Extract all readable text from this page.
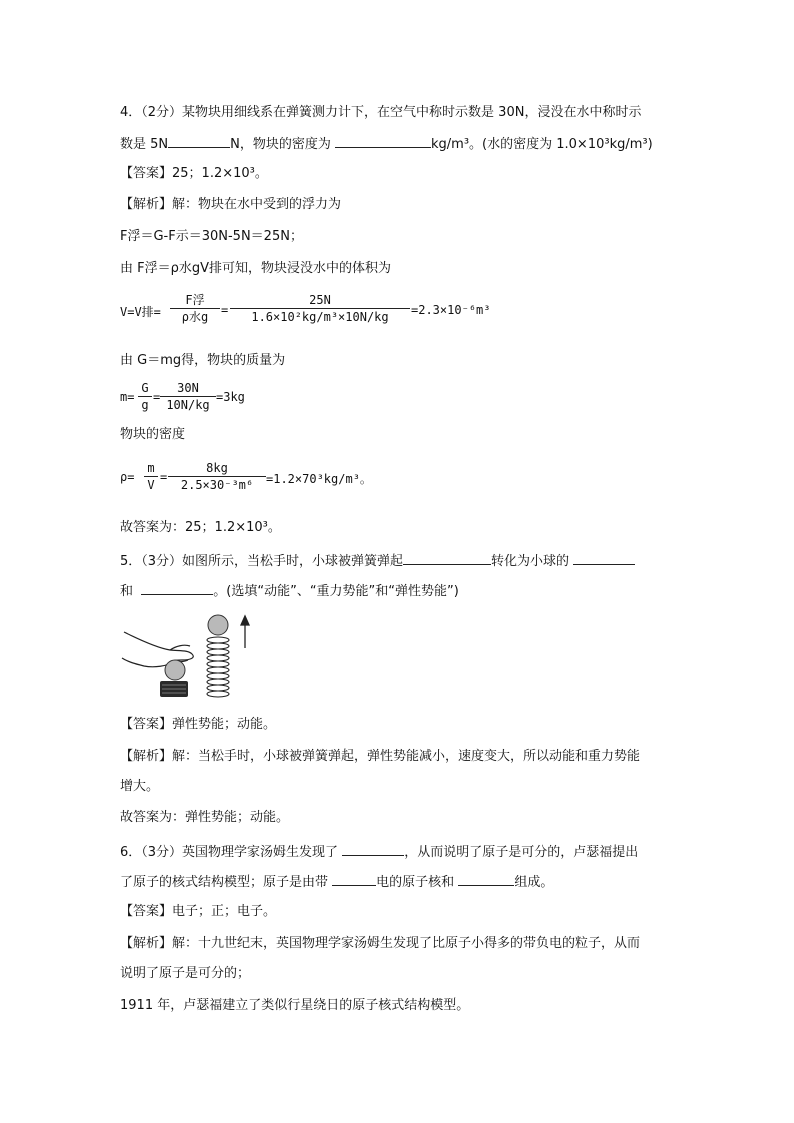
4．（2分）某物块用细线系在弹簧测力计下，在空气中称时示数是 30N，浸没在水中称时示
数是 5N	N，物块的密度为	kg/m³。(水的密度为 1.0×10³kg/m³)
【答案】25；1.2×10³。
【解析】解：物块在水中受到的浮力为
F浮＝G-F示＝30N-5N＝25N；
由 F浮＝ρ水gV排可知，物块浸没水中的体积为
V=V排=
F浮
ρ水g	= $\frac{25N}{\text{1.6×10²kg/m³×10N/kg}} =2.3\times 10^{-6}m^3$
由 G＝mg得，物块的质量为
$m= \frac{G}{g} = \frac{30N}{10N/kg} =3kg$
物块的密度
$\rho= \frac{m}{V} = \frac{8kg}{\text{2.5×30⁻³m⁶}} =1.2\times 70^3kg/m^3$。
故答案为：25；1.2×10³。
5．（3分）如图所示，当松手时，小球被弹簧弹起	转化为小球的
和	。(选填“动能”、“重力势能”和“弹性势能”)
【答案】弹性势能；动能。
【解析】解：当松手时，小球被弹簧弹起，弹性势能减小，速度变大，所以动能和重力势能
增大。
故答案为：弹性势能；动能。
6．（3分）英国物理学家汤姆生发现了	，从而说明了原子是可分的，卢瑟福提出
了原子的核式结构模型；原子是由带	电的原子核和	组成。
【答案】电子；正；电子。
【解析】解：十九世纪末，英国物理学家汤姆生发现了比原子小得多的带负电的粒子，从而
说明了原子是可分的；
1911 年，卢瑟福建立了类似行星绕日的原子核式结构模型。
